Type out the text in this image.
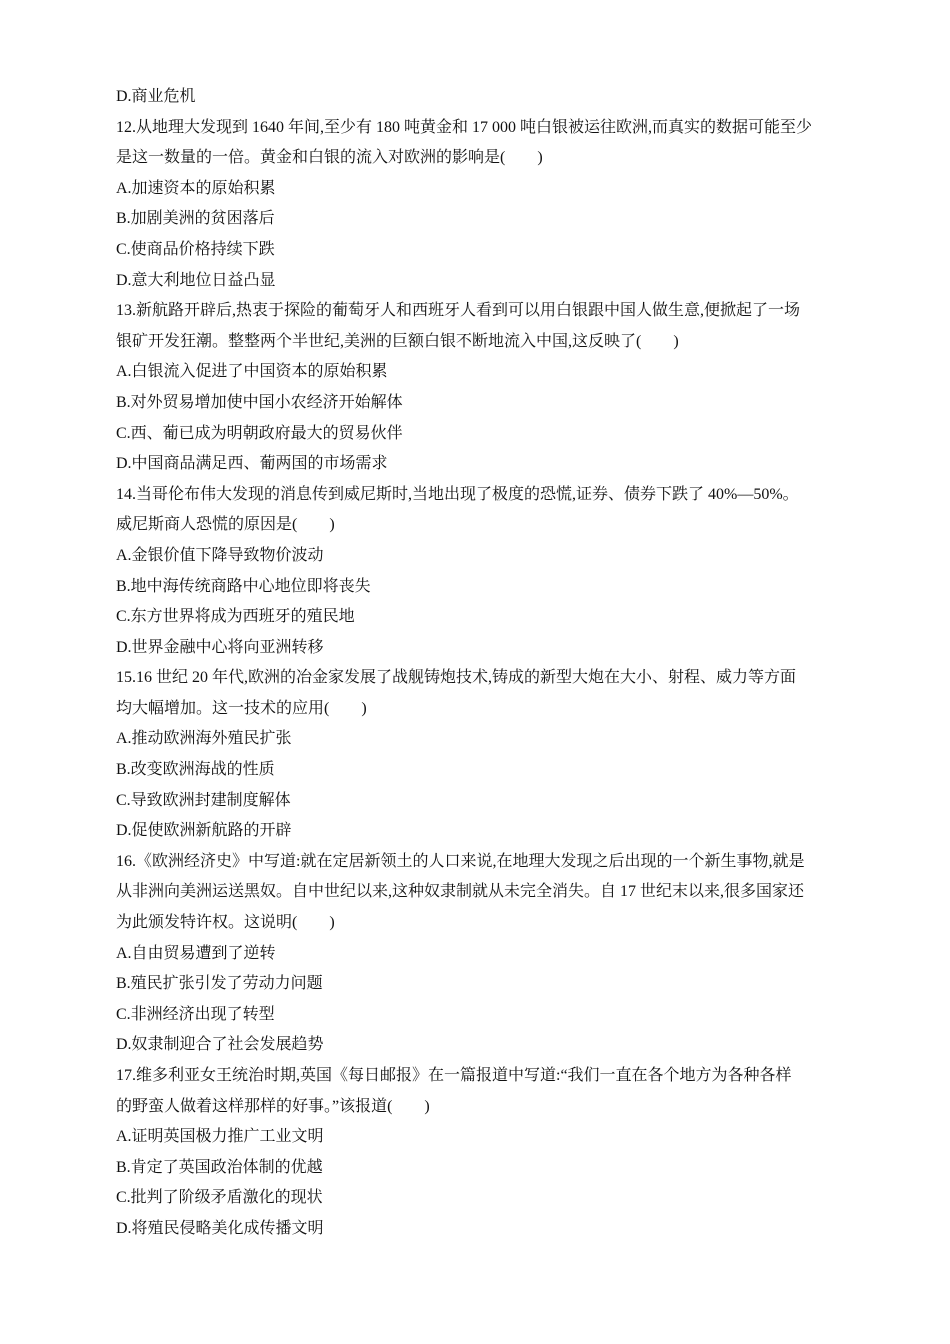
D.商业危机
12.从地理大发现到 1640 年间,至少有 180 吨黄金和 17 000 吨白银被运往欧洲,而真实的数据可能至少
是这一数量的一倍。黄金和白银的流入对欧洲的影响是(　　)
A.加速资本的原始积累
B.加剧美洲的贫困落后
C.使商品价格持续下跌
D.意大利地位日益凸显
13.新航路开辟后,热衷于探险的葡萄牙人和西班牙人看到可以用白银跟中国人做生意,便掀起了一场
银矿开发狂潮。整整两个半世纪,美洲的巨额白银不断地流入中国,这反映了(　　)
A.白银流入促进了中国资本的原始积累
B.对外贸易增加使中国小农经济开始解体
C.西、葡已成为明朝政府最大的贸易伙伴
D.中国商品满足西、葡两国的市场需求
14.当哥伦布伟大发现的消息传到威尼斯时,当地出现了极度的恐慌,证券、债券下跌了 40%—50%。
威尼斯商人恐慌的原因是(　　)
A.金银价值下降导致物价波动
B.地中海传统商路中心地位即将丧失
C.东方世界将成为西班牙的殖民地
D.世界金融中心将向亚洲转移
15.16 世纪 20 年代,欧洲的冶金家发展了战舰铸炮技术,铸成的新型大炮在大小、射程、威力等方面
均大幅增加。这一技术的应用(　　)
A.推动欧洲海外殖民扩张
B.改变欧洲海战的性质
C.导致欧洲封建制度解体
D.促使欧洲新航路的开辟
16.《欧洲经济史》中写道:就在定居新领土的人口来说,在地理大发现之后出现的一个新生事物,就是
从非洲向美洲运送黑奴。自中世纪以来,这种奴隶制就从未完全消失。自 17 世纪末以来,很多国家还
为此颁发特许权。这说明(　　)
A.自由贸易遭到了逆转
B.殖民扩张引发了劳动力问题
C.非洲经济出现了转型
D.奴隶制迎合了社会发展趋势
17.维多利亚女王统治时期,英国《每日邮报》在一篇报道中写道:“我们一直在各个地方为各种各样
的野蛮人做着这样那样的好事。”该报道(　　)
A.证明英国极力推广工业文明
B.肯定了英国政治体制的优越
C.批判了阶级矛盾激化的现状
D.将殖民侵略美化成传播文明
